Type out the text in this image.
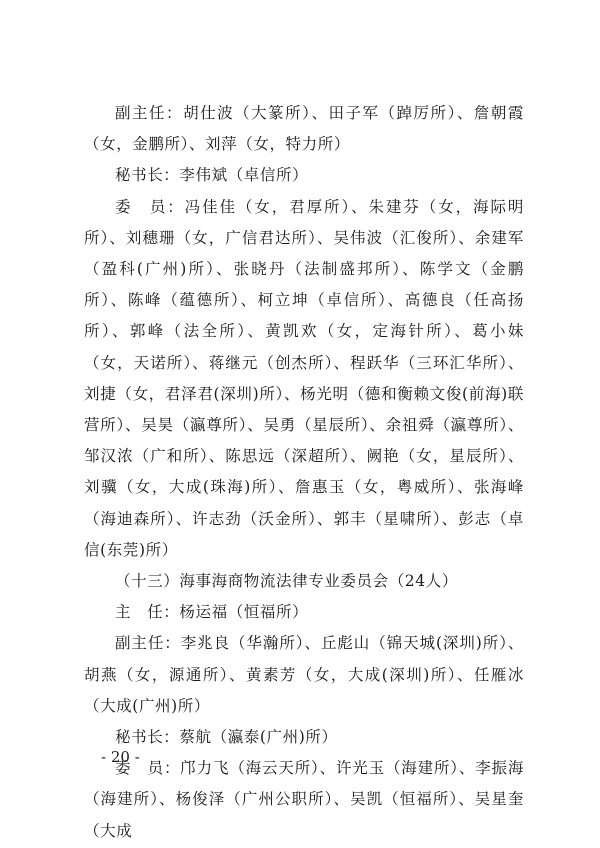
副主任：胡仕波（大篆所）、田子军（踔厉所）、詹朝霞（女，金鹏所）、刘萍（女，特力所）

秘书长：李伟斌（卓信所）

委　员：冯佳佳（女，君厚所）、朱建芬（女，海际明所）、刘穗珊（女，广信君达所）、吴伟波（汇俊所）、余建军（盈科(广州)所）、张晓丹（法制盛邦所）、陈学文（金鹏所）、陈峰（蕴德所）、柯立坤（卓信所）、高德良（任高扬所）、郭峰（法全所）、黄凯欢（女，定海针所）、葛小妹（女，天诺所）、蒋继元（创杰所）、程跃华（三环汇华所）、刘捷（女，君泽君(深圳)所）、杨光明（德和衡赖文俊(前海)联营所）、吴昊（瀛尊所）、吴勇（星辰所）、余祖舜（瀛尊所）、邹汉浓（广和所）、陈思远（深超所）、阙艳（女，星辰所）、刘骥（女，大成(珠海)所）、詹惠玉（女，粤威所）、张海峰（海迪森所）、许志劲（沃金所）、郭丰（星啸所）、彭志（卓信(东莞)所）

（十三）海事海商物流法律专业委员会（24人）

主　任：杨运福（恒福所）

副主任：李兆良（华瀚所）、丘彪山（锦天城(深圳)所）、胡燕（女，源通所）、黄素芳（女，大成(深圳)所）、任雁冰（大成(广州)所）

秘书长：蔡航（瀛泰(广州)所）

委　员：邝力飞（海云天所）、许光玉（海建所）、李振海（海建所）、杨俊泽（广州公职所）、吴凯（恒福所）、吴星奎（大成

- 20 -
